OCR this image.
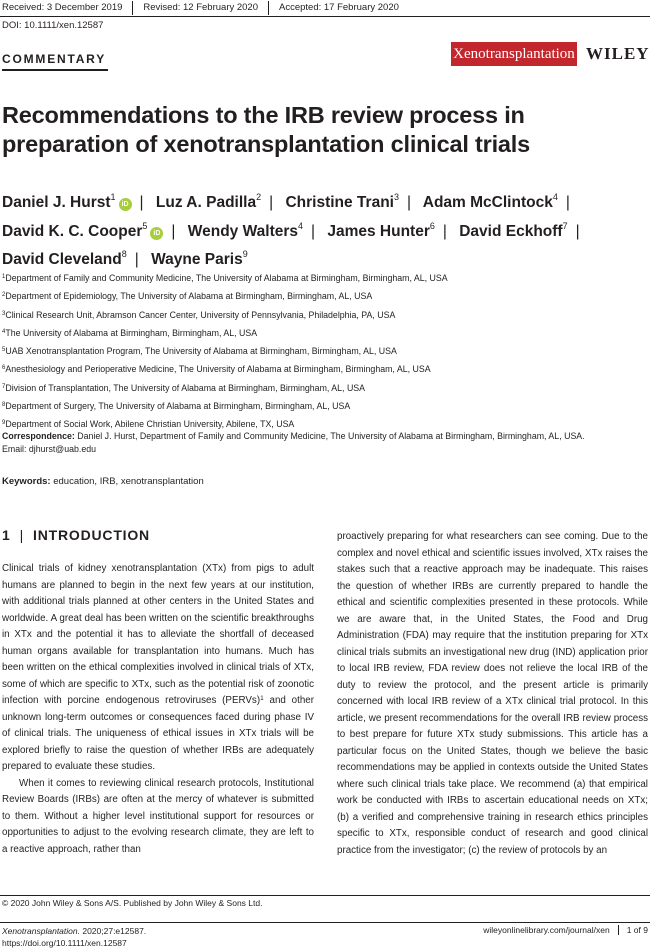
Received: 3 December 2019	Revised: 12 February 2020	Accepted: 17 February 2020
DOI: 10.1111/xen.12587
COMMENTARY	Xenotransplantation WILEY
Recommendations to the IRB review process in preparation of xenotransplantation clinical trials
Daniel J. Hurst$^1$iD | Luz A. Padilla$^2$ | Christine Trani$^3$ | Adam McClintock$^4$ | David K. C. Cooper$^5$iD | Wendy Walters$^4$ | James Hunter$^6$ | David Eckhoff$^7$ | David Cleveland$^8$ | Wayne Paris$^9$
$^1$Department of Family and Community Medicine, The University of Alabama at Birmingham, Birmingham, AL, USA
$^2$Department of Epidemiology, The University of Alabama at Birmingham, Birmingham, AL, USA
$^3$Clinical Research Unit, Abramson Cancer Center, University of Pennsylvania, Philadelphia, PA, USA
$^4$The University of Alabama at Birmingham, Birmingham, AL, USA
$^5$UAB Xenotransplantation Program, The University of Alabama at Birmingham, Birmingham, AL, USA
$^6$Anesthesiology and Perioperative Medicine, The University of Alabama at Birmingham, Birmingham, AL, USA
$^7$Division of Transplantation, The University of Alabama at Birmingham, Birmingham, AL, USA
$^8$Department of Surgery, The University of Alabama at Birmingham, Birmingham, AL, USA
$^9$Department of Social Work, Abilene Christian University, Abilene, TX, USA
Correspondence: Daniel J. Hurst, Department of Family and Community Medicine, The University of Alabama at Birmingham, Birmingham, AL, USA.
Email: djhurst@uab.edu
Keywords: education, IRB, xenotransplantation
1 | INTRODUCTION

Clinical trials of kidney xenotransplantation (XTx) from pigs to adult humans are planned to begin in the next few years at our institution, with additional trials planned at other centers in the United States and worldwide. A great deal has been written on the scientific breakthroughs in XTx and the potential it has to alleviate the shortfall of deceased human organs available for transplantation into humans. Much has been written on the ethical complexities involved in clinical trials of XTx, some of which are specific to XTx, such as the potential risk of zoonotic infection with porcine endogenous retroviruses (PERVs)$^1$ and other unknown long-term outcomes or consequences faced during phase IV of clinical trials. The uniqueness of ethical issues in XTx trials will be explored briefly to raise the question of whether IRBs are adequately prepared to evaluate these studies.

When it comes to reviewing clinical research protocols, Institutional Review Boards (IRBs) are often at the mercy of whatever is submitted to them. Without a higher level institutional support for resources or opportunities to adjust to the evolving research climate, they are left to a reactive approach, rather than

proactively preparing for what researchers can see coming. Due to the complex and novel ethical and scientific issues involved, XTx raises the stakes such that a reactive approach may be inadequate. This raises the question of whether IRBs are currently prepared to handle the ethical and scientific complexities presented in these protocols. While we are aware that, in the United States, the Food and Drug Administration (FDA) may require that the institution preparing for XTx clinical trials submits an investigational new drug (IND) application prior to local IRB review, FDA review does not relieve the local IRB of the duty to review the protocol, and the present article is primarily concerned with local IRB review of a XTx clinical trial protocol. In this article, we present recommendations for the overall IRB review process to best prepare for future XTx study submissions. This article has a particular focus on the United States, though we believe the basic recommendations may be applied in contexts outside the United States where such clinical trials take place. We recommend (a) that empirical work be conducted with IRBs to ascertain educational needs on XTx; (b) a verified and comprehensive training in research ethics principles specific to XTx, responsible conduct of research and good clinical practice from the investigator; (c) the review of protocols by an

© 2020 John Wiley & Sons A/S. Published by John Wiley & Sons Ltd.
Xenotransplantation. 2020;27:e12587.
https://doi.org/10.1111/xen.12587
wileyonlinelibrary.com/journal/xen	1 of 9
